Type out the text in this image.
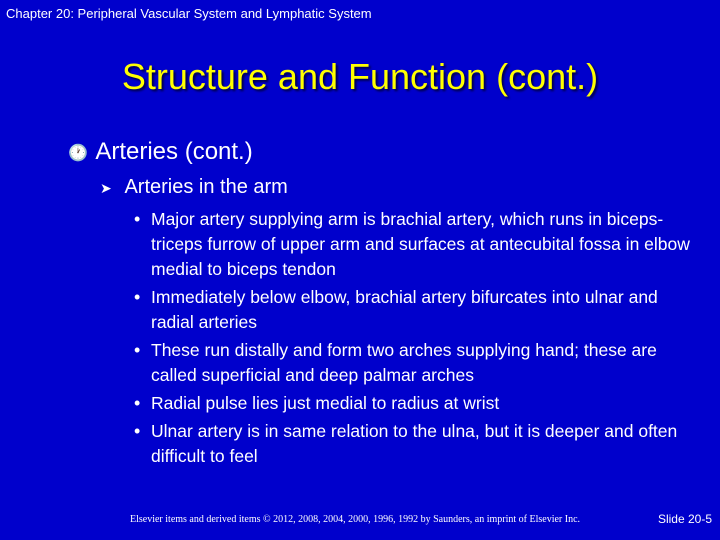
Chapter 20: Peripheral Vascular System and Lymphatic System
Structure and Function (cont.)
🕐 Arteries (cont.)
➤ Arteries in the arm
• Major artery supplying arm is brachial artery, which runs in biceps-triceps furrow of upper arm and surfaces at antecubital fossa in elbow medial to biceps tendon
• Immediately below elbow, brachial artery bifurcates into ulnar and radial arteries
• These run distally and form two arches supplying hand; these are called superficial and deep palmar arches
• Radial pulse lies just medial to radius at wrist
• Ulnar artery is in same relation to the ulna, but it is deeper and often difficult to feel
Elsevier items and derived items © 2012, 2008, 2004, 2000, 1996, 1992 by Saunders, an imprint of Elsevier Inc.	Slide 20-5
